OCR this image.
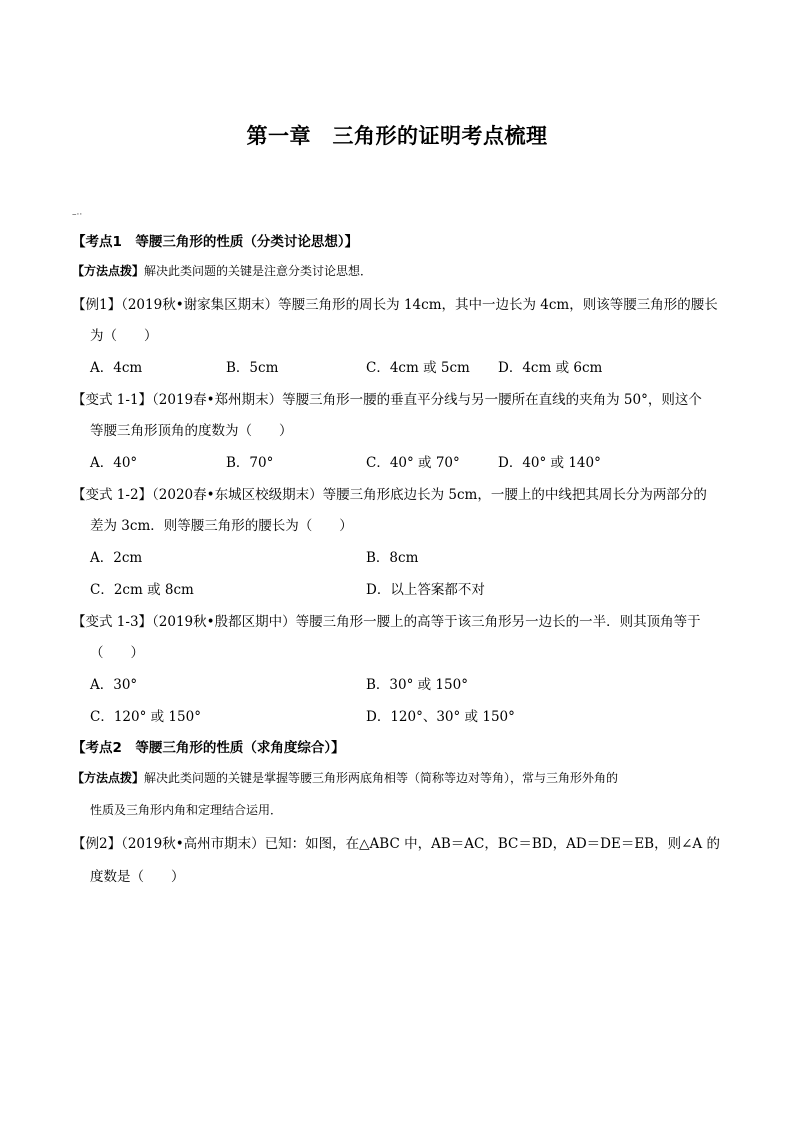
第一章　三角形的证明考点梳理
–··
【考点1　等腰三角形的性质（分类讨论思想）】
【方法点拨】解决此类问题的关键是注意分类讨论思想．
【例1】（2019秋•谢家集区期末）等腰三角形的周长为 14cm，其中一边长为 4cm，则该等腰三角形的腰长
为（　　）
A．4cm	B．5cm	C．4cm 或 5cm D．4cm 或 6cm
【变式 1-1】（2019春•郑州期末）等腰三角形一腰的垂直平分线与另一腰所在直线的夹角为 50°，则这个
等腰三角形顶角的度数为（　　）
A．40°	B．70°	C．40° 或 70°	D．40° 或 140°
【变式 1-2】（2020春•东城区校级期末）等腰三角形底边长为 5cm，一腰上的中线把其周长分为两部分的
差为 3cm．则等腰三角形的腰长为（　　）
A．2cm	B．8cm
C．2cm 或 8cm	D．以上答案都不对
【变式 1-3】（2019秋•殷都区期中）等腰三角形一腰上的高等于该三角形另一边长的一半．则其顶角等于
（　　）
A．30°	B．30° 或 150°
C．120° 或 150°	D．120°、30° 或 150°
【考点2　等腰三角形的性质（求角度综合）】
【方法点拨】解决此类问题的关键是掌握等腰三角形两底角相等（简称等边对等角），常与三角形外角的
性质及三角形内角和定理结合运用．
【例2】（2019秋•高州市期末）已知：如图，在△ABC 中，AB＝AC，BC＝BD，AD＝DE＝EB，则∠A 的
度数是（　　）
